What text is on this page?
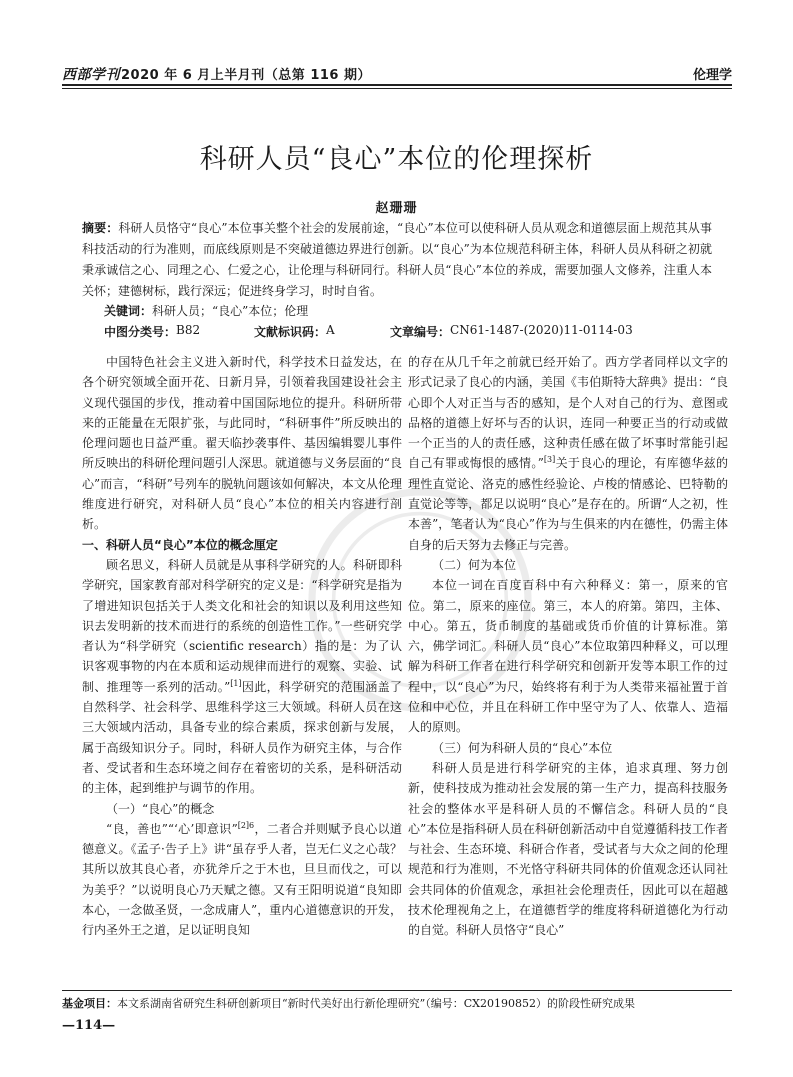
西部学刊2020 年 6 月上半月刊（总第 116 期）	伦理学
科研人员“良心”本位的伦理探析
赵珊珊
摘要：科研人员恪守“良心”本位事关整个社会的发展前途，“良心”本位可以使科研人员从观念和道德层面上规范其从事科技活动的行为准则，而底线原则是不突破道德边界进行创新。以“良心”为本位规范科研主体，科研人员从科研之初就秉承诚信之心、同理之心、仁爱之心，让伦理与科研同行。科研人员“良心”本位的养成，需要加强人文修养，注重人本关怀；建德树标，践行深远；促进终身学习，时时自省。
关键词：科研人员；“良心”本位；伦理
中图分类号： B82	文献标识码： A	文章编号： CN61-1487-(2020)11-0114-03

中国特色社会主义进入新时代，科学技术日益发达，在各个研究领域全面开花、日新月异，引领着我国建设社会主义现代强国的步伐，推动着中国国际地位的提升。科研所带来的正能量在无限扩张，与此同时，“科研事件”所反映出的伦理问题也日益严重。翟天临抄袭事件、基因编辑婴儿事件所反映出的科研伦理问题引人深思。就道德与义务层面的“良心”而言，“科研”号列车的脱轨问题该如何解决，本文从伦理维度进行研究，对科研人员“良心”本位的相关内容进行剖析。

一、科研人员“良心”本位的概念厘定

顾名思义，科研人员就是从事科学研究的人。科研即科学研究，国家教育部对科学研究的定义是：“科学研究是指为了增进知识包括关于人类文化和社会的知识以及利用这些知识去发明新的技术而进行的系统的创造性工作。”一些研究学者认为“科学研究（scientific research）指的是：为了认识客观事物的内在本质和运动规律而进行的观察、实验、试制、推理等一系列的活动。”[1]因此，科学研究的范围涵盖了自然科学、社会科学、思维科学这三大领域。科研人员在这三大领域内活动，具备专业的综合素质，探求创新与发展，属于高级知识分子。同时，科研人员作为研究主体，与合作者、受试者和生态环境之间存在着密切的关系，是科研活动的主体，起到维护与调节的作用。

（一）“良心”的概念

“良，善也”“‘心’即意识”$^{[2]6}$，二者合并则赋予良心以道德意义。《孟子·告子上》讲“虽存乎人者，岂无仁义之心哉？其所以放其良心者，亦犹斧斤之于木也，旦旦而伐之，可以为美乎？”以说明良心乃天赋之德。又有王阳明说道“良知即本心，一念做圣贤，一念成庸人”，重内心道德意识的开发，行内圣外王之道，足以证明良知

的存在从几千年之前就已经开始了。西方学者同样以文字的形式记录了良心的内涵，美国《韦伯斯特大辞典》提出：“良心即个人对正当与否的感知，是个人对自己的行为、意图或品格的道德上好坏与否的认识，连同一种要正当的行动或做一个正当的人的责任感，这种责任感在做了坏事时常能引起自己有罪或悔恨的感情。”[3]关于良心的理论，有库德华兹的理性直觉论、洛克的感性经验论、卢梭的情感论、巴特勒的直觉论等等，都足以说明“良心”是存在的。所谓“人之初，性本善”，笔者认为“良心”作为与生俱来的内在德性，仍需主体自身的后天努力去修正与完善。

（二）何为本位

本位一词在百度百科中有六种释义：第一，原来的官位。第二，原来的座位。第三，本人的府第。第四，主体、中心。第五，货币制度的基础或货币价值的计算标准。第六，佛学词汇。科研人员“良心”本位取第四种释义，可以理解为科研工作者在进行科学研究和创新开发等本职工作的过程中，以“良心”为尺，始终将有利于为人类带来福祉置于首位和中心位，并且在科研工作中坚守为了人、依靠人、造福人的原则。

（三）何为科研人员的“良心”本位

科研人员是进行科学研究的主体，追求真理、努力创新，使科技成为推动社会发展的第一生产力，提高科技服务社会的整体水平是科研人员的不懈信念。科研人员的“良心”本位是指科研人员在科研创新活动中自觉遵循科技工作者与社会、生态环境、科研合作者，受试者与大众之间的伦理规范和行为准则，不光恪守科研共同体的价值观念还认同社会共同体的价值观念，承担社会伦理责任，因此可以在超越技术伦理视角之上，在道德哲学的维度将科研道德化为行动的自觉。科研人员恪守“良心”

基金项目：本文系湖南省研究生科研创新项目“新时代美好出行新伦理研究”（编号：CX20190852）的阶段性研究成果
—114—
